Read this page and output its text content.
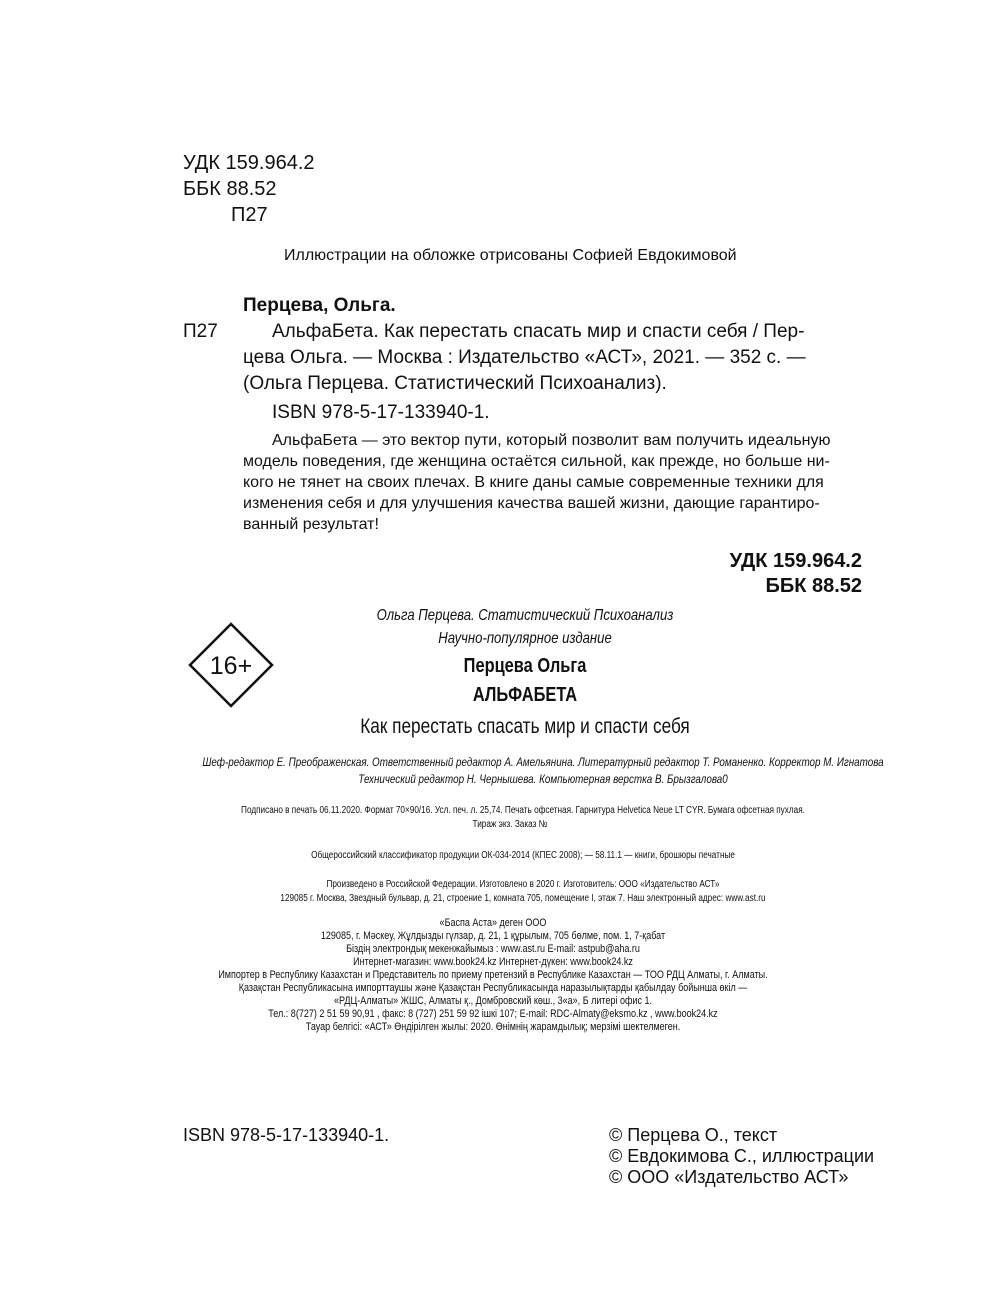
УДК 159.964.2
ББК 88.52
П27
Иллюстрации на обложке отрисованы Софией Евдокимовой
Перцева, Ольга.
П27	АльфаБета. Как перестать спасать мир и спасти себя / Пер-
цева Ольга. — Москва : Издательство «АСТ», 2021. — 352 с. —
(Ольга Перцева. Статистический Психоанализ).
ISBN 978-5-17-133940-1.
АльфаБета — это вектор пути, который позволит вам получить идеальную
модель поведения, где женщина остаётся сильной, как прежде, но больше ни-
кого не тянет на своих плечах. В книге даны самые современные техники для
изменения себя и для улучшения качества вашей жизни, дающие гарантиро-
ванный результат!
УДК 159.964.2
ББК 88.52
Ольга Перцева. Статистический Психоанализ
Научно-популярное издание
16+	Перцева Ольга
АЛЬФАБЕТА
Как перестать спасать мир и спасти себя
Шеф-редактор Е. Преображенская. Ответственный редактор А. Амельянина. Литературный редактор Т. Романенко. Корректор М. Игнатова
Технический редактор Н. Чернышева. Компьютерная верстка В. Брызгалова0
Подписано в печать 06.11.2020. Формат 70×90/16. Усл. печ. л. 25,74. Печать офсетная. Гарнитура Helvetica Neue LT CYR. Бумага офсетная пухлая.
Тираж экз. Заказ №
Общероссийский классификатор продукции ОК-034-2014 (КПЕС 2008); — 58.11.1 — книги, брошюры печатные
Произведено в Российской Федерации. Изготовлено в 2020 г. Изготовитель: ООО «Издательство АСТ»
129085 г. Москва, Звездный бульвар, д. 21, строение 1, комната 705, помещение I, этаж 7. Наш электронный адрес: www.ast.ru
«Баспа Аста» деген ООО
129085, г. Мәскеу, Жұлдызды гүлзар, д. 21, 1 құрылым, 705 бөлме, пом. 1, 7-қабат
Біздің электрондық мекенжайымыз : www.ast.ru E-mail: astpub@aha.ru
Интернет-магазин: www.book24.kz Интернет-дүкен: www.book24.kz
Импортер в Республику Казахстан и Представитель по приему претензий в Республике Казахстан — ТОО РДЦ Алматы, г. Алматы.
Қазақстан Республикасына импорттаушы және Қазақстан Республикасында наразылықтарды қабылдау бойынша өкіл —
«РДЦ-Алматы» ЖШС, Алматы қ., Домбровский көш., 3«а», Б литері офис 1.
Тел.: 8(727) 2 51 59 90,91 , факс: 8 (727) 251 59 92 ішкі 107; E-mail: RDC-Almaty@eksmo.kz , www.book24.kz
Тауар белгісі: «АСТ» Өндірілген жылы: 2020. Өнімнің жарамдылық; мерзімі шектелмеген.
ISBN 978-5-17-133940-1.	© Перцева О., текст
© Евдокимова С., иллюстрации
© ООО «Издательство АСТ»
